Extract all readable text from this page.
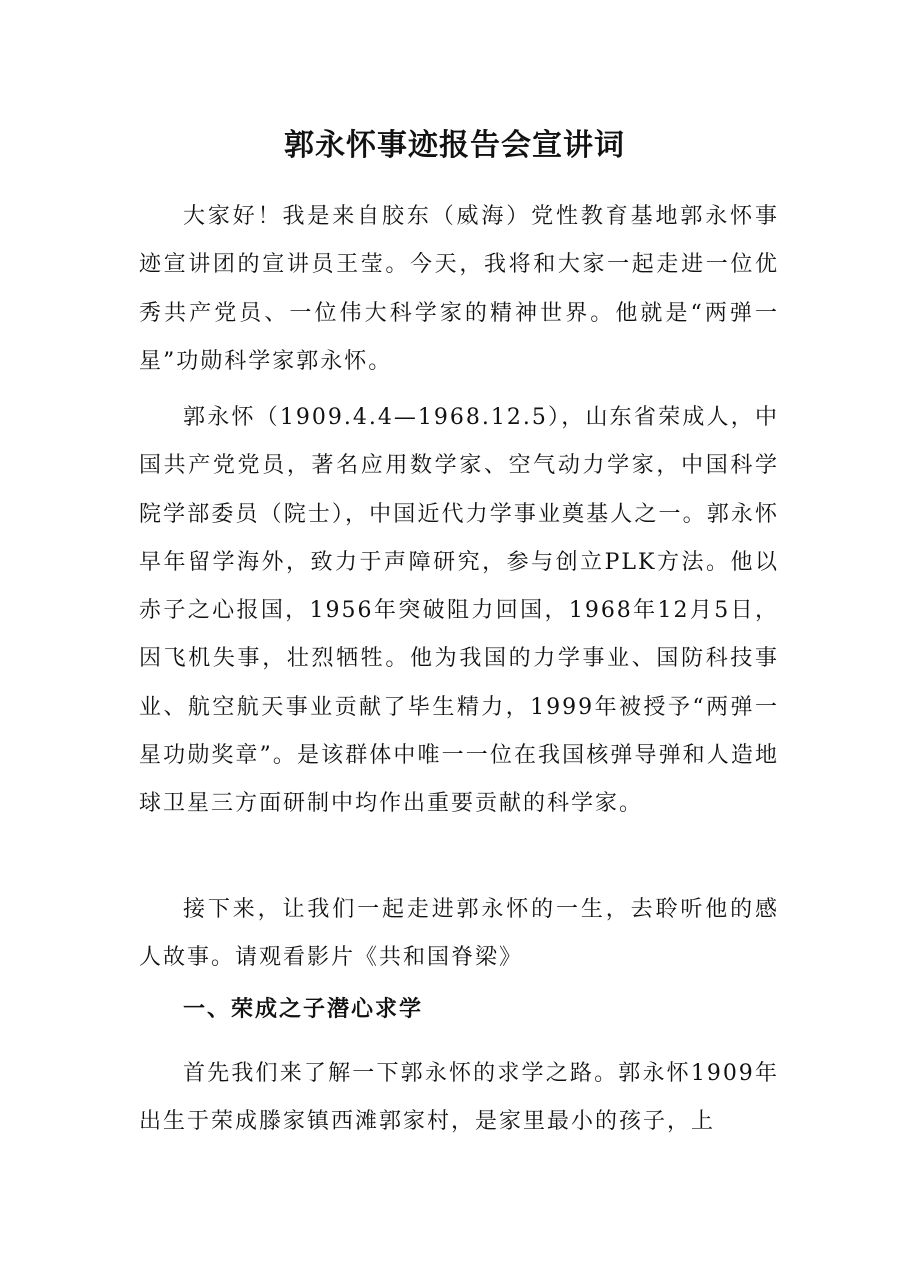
郭永怀事迹报告会宣讲词

大家好！我是来自胶东（威海）党性教育基地郭永怀事迹宣讲团的宣讲员王莹。今天，我将和大家一起走进一位优秀共产党员、一位伟大科学家的精神世界。他就是“两弹一星”功勋科学家郭永怀。

郭永怀（1909.4.4—1968.12.5），山东省荣成人，中国共产党党员，著名应用数学家、空气动力学家，中国科学院学部委员（院士），中国近代力学事业奠基人之一。郭永怀早年留学海外，致力于声障研究，参与创立PLK方法。他以赤子之心报国，1956年突破阻力回国，1968年12月5日，因飞机失事，壮烈牺牲。他为我国的力学事业、国防科技事业、航空航天事业贡献了毕生精力，1999年被授予“两弹一星功勋奖章”。是该群体中唯一一位在我国核弹导弹和人造地球卫星三方面研制中均作出重要贡献的科学家。

接下来，让我们一起走进郭永怀的一生，去聆听他的感人故事。请观看影片《共和国脊梁》

一、荣成之子潜心求学

首先我们来了解一下郭永怀的求学之路。郭永怀1909年出生于荣成滕家镇西滩郭家村，是家里最小的孩子，上
